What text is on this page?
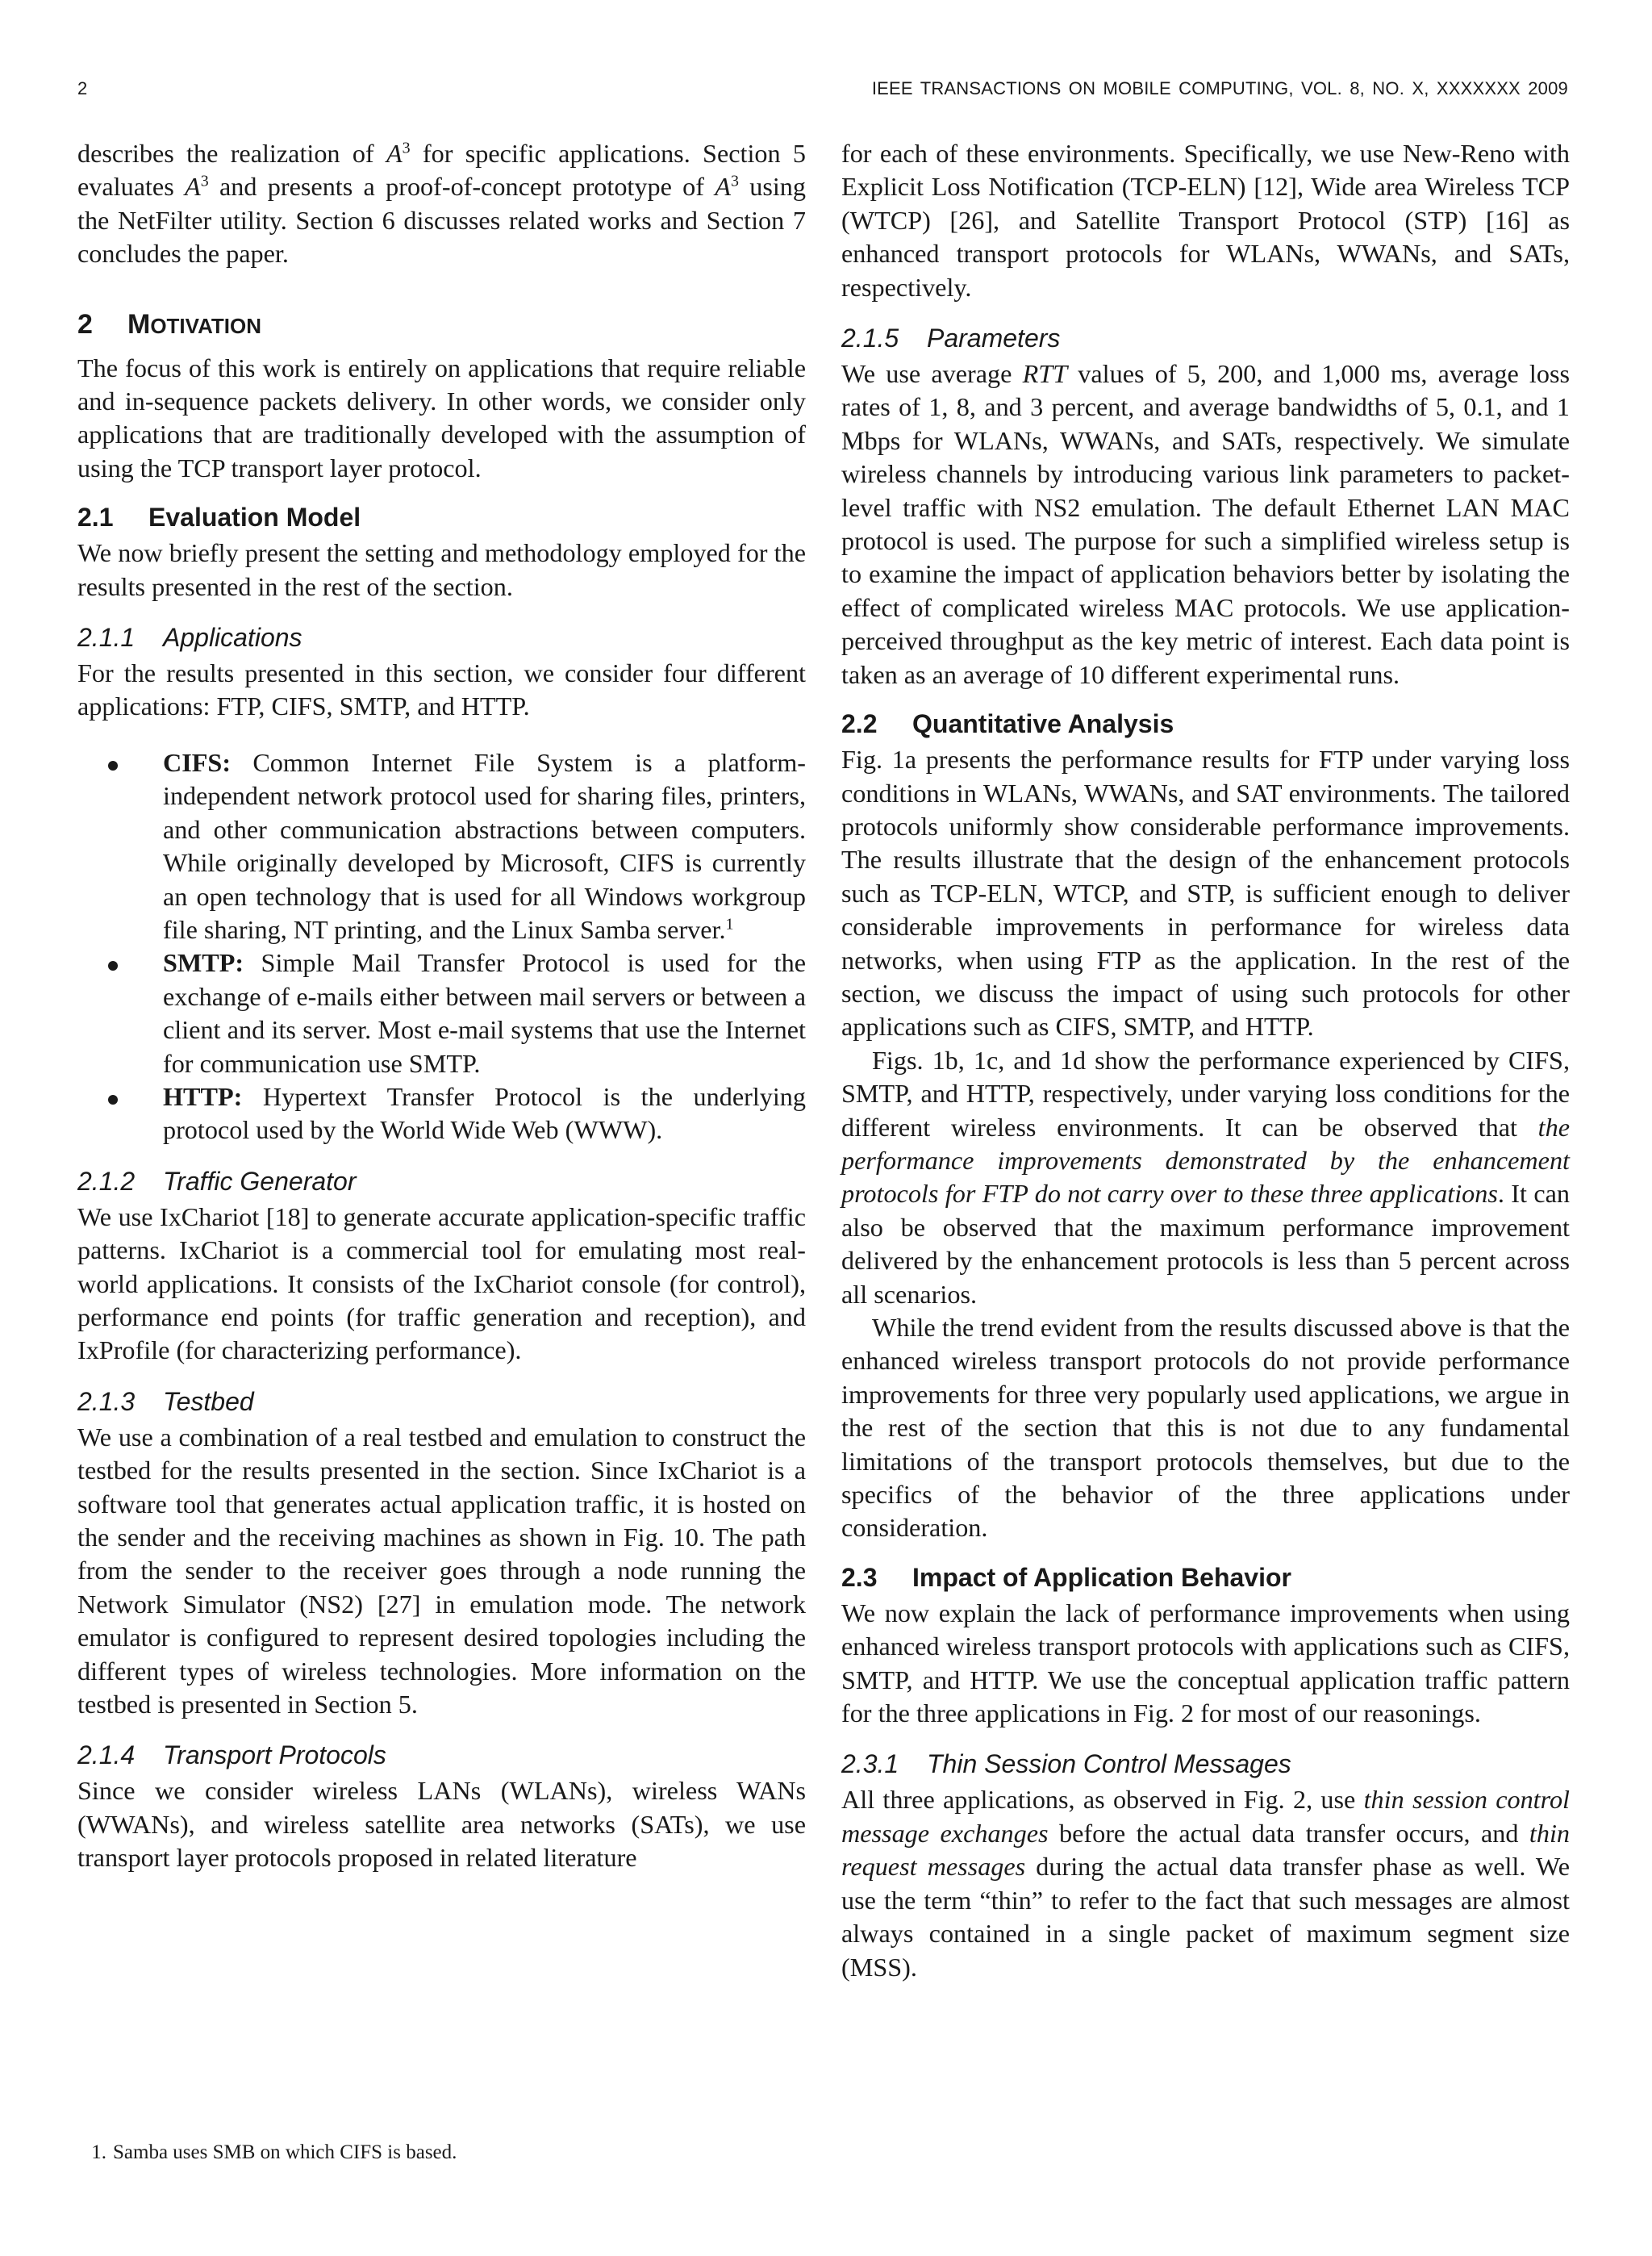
2	IEEE TRANSACTIONS ON MOBILE COMPUTING, VOL. 8, NO. X, XXXXXXX 2009

describes the realization of $A^3$ for specific applications. Section 5 evaluates $A^3$ and presents a proof-of-concept prototype of $A^3$ using the NetFilter utility. Section 6 discusses related works and Section 7 concludes the paper.

2 MOTIVATION

The focus of this work is entirely on applications that require reliable and in-sequence packets delivery. In other words, we consider only applications that are traditionally developed with the assumption of using the TCP transport layer protocol.

2.1 Evaluation Model

We now briefly present the setting and methodology employed for the results presented in the rest of the section.

2.1.1 Applications

For the results presented in this section, we consider four different applications: FTP, CIFS, SMTP, and HTTP.

CIFS: Common Internet File System is a platform-independent network protocol used for sharing files, printers, and other communication abstractions between computers. While originally developed by Microsoft, CIFS is currently an open technology that is used for all Windows workgroup file sharing, NT printing, and the Linux Samba server.$^1$
SMTP: Simple Mail Transfer Protocol is used for the exchange of e-mails either between mail servers or between a client and its server. Most e-mail systems that use the Internet for communication use SMTP.
HTTP: Hypertext Transfer Protocol is the underlying protocol used by the World Wide Web (WWW).
2.1.2 Traffic Generator

We use IxChariot [18] to generate accurate application-specific traffic patterns. IxChariot is a commercial tool for emulating most real-world applications. It consists of the IxChariot console (for control), performance end points (for traffic generation and reception), and IxProfile (for characterizing performance).

2.1.3 Testbed

We use a combination of a real testbed and emulation to construct the testbed for the results presented in the section. Since IxChariot is a software tool that generates actual application traffic, it is hosted on the sender and the receiving machines as shown in Fig. 10. The path from the sender to the receiver goes through a node running the Network Simulator (NS2) [27] in emulation mode. The network emulator is configured to represent desired topologies including the different types of wireless technologies. More information on the testbed is presented in Section 5.

2.1.4 Transport Protocols

Since we consider wireless LANs (WLANs), wireless WANs (WWANs), and wireless satellite area networks (SATs), we use transport layer protocols proposed in related literature

for each of these environments. Specifically, we use New-Reno with Explicit Loss Notification (TCP-ELN) [12], Wide area Wireless TCP (WTCP) [26], and Satellite Transport Protocol (STP) [16] as enhanced transport protocols for WLANs, WWANs, and SATs, respectively.

2.1.5 Parameters

We use average RTT values of 5, 200, and 1,000 ms, average loss rates of 1, 8, and 3 percent, and average bandwidths of 5, 0.1, and 1 Mbps for WLANs, WWANs, and SATs, respectively. We simulate wireless channels by introducing various link parameters to packet-level traffic with NS2 emulation. The default Ethernet LAN MAC protocol is used. The purpose for such a simplified wireless setup is to examine the impact of application behaviors better by isolating the effect of complicated wireless MAC protocols. We use application-perceived throughput as the key metric of interest. Each data point is taken as an average of 10 different experimental runs.

2.2 Quantitative Analysis

Fig. 1a presents the performance results for FTP under varying loss conditions in WLANs, WWANs, and SAT environments. The tailored protocols uniformly show considerable performance improvements. The results illustrate that the design of the enhancement protocols such as TCP-ELN, WTCP, and STP, is sufficient enough to deliver considerable improvements in performance for wireless data networks, when using FTP as the application. In the rest of the section, we discuss the impact of using such protocols for other applications such as CIFS, SMTP, and HTTP.

Figs. 1b, 1c, and 1d show the performance experienced by CIFS, SMTP, and HTTP, respectively, under varying loss conditions for the different wireless environments. It can be observed that the performance improvements demonstrated by the enhancement protocols for FTP do not carry over to these three applications. It can also be observed that the maximum performance improvement delivered by the enhancement protocols is less than 5 percent across all scenarios.

While the trend evident from the results discussed above is that the enhanced wireless transport protocols do not provide performance improvements for three very popularly used applications, we argue in the rest of the section that this is not due to any fundamental limitations of the transport protocols themselves, but due to the specifics of the behavior of the three applications under consideration.

2.3 Impact of Application Behavior

We now explain the lack of performance improvements when using enhanced wireless transport protocols with applications such as CIFS, SMTP, and HTTP. We use the conceptual application traffic pattern for the three applications in Fig. 2 for most of our reasonings.

2.3.1 Thin Session Control Messages

All three applications, as observed in Fig. 2, use thin session control message exchanges before the actual data transfer occurs, and thin request messages during the actual data transfer phase as well. We use the term “thin” to refer to the fact that such messages are almost always contained in a single packet of maximum segment size (MSS).

1. Samba uses SMB on which CIFS is based.
